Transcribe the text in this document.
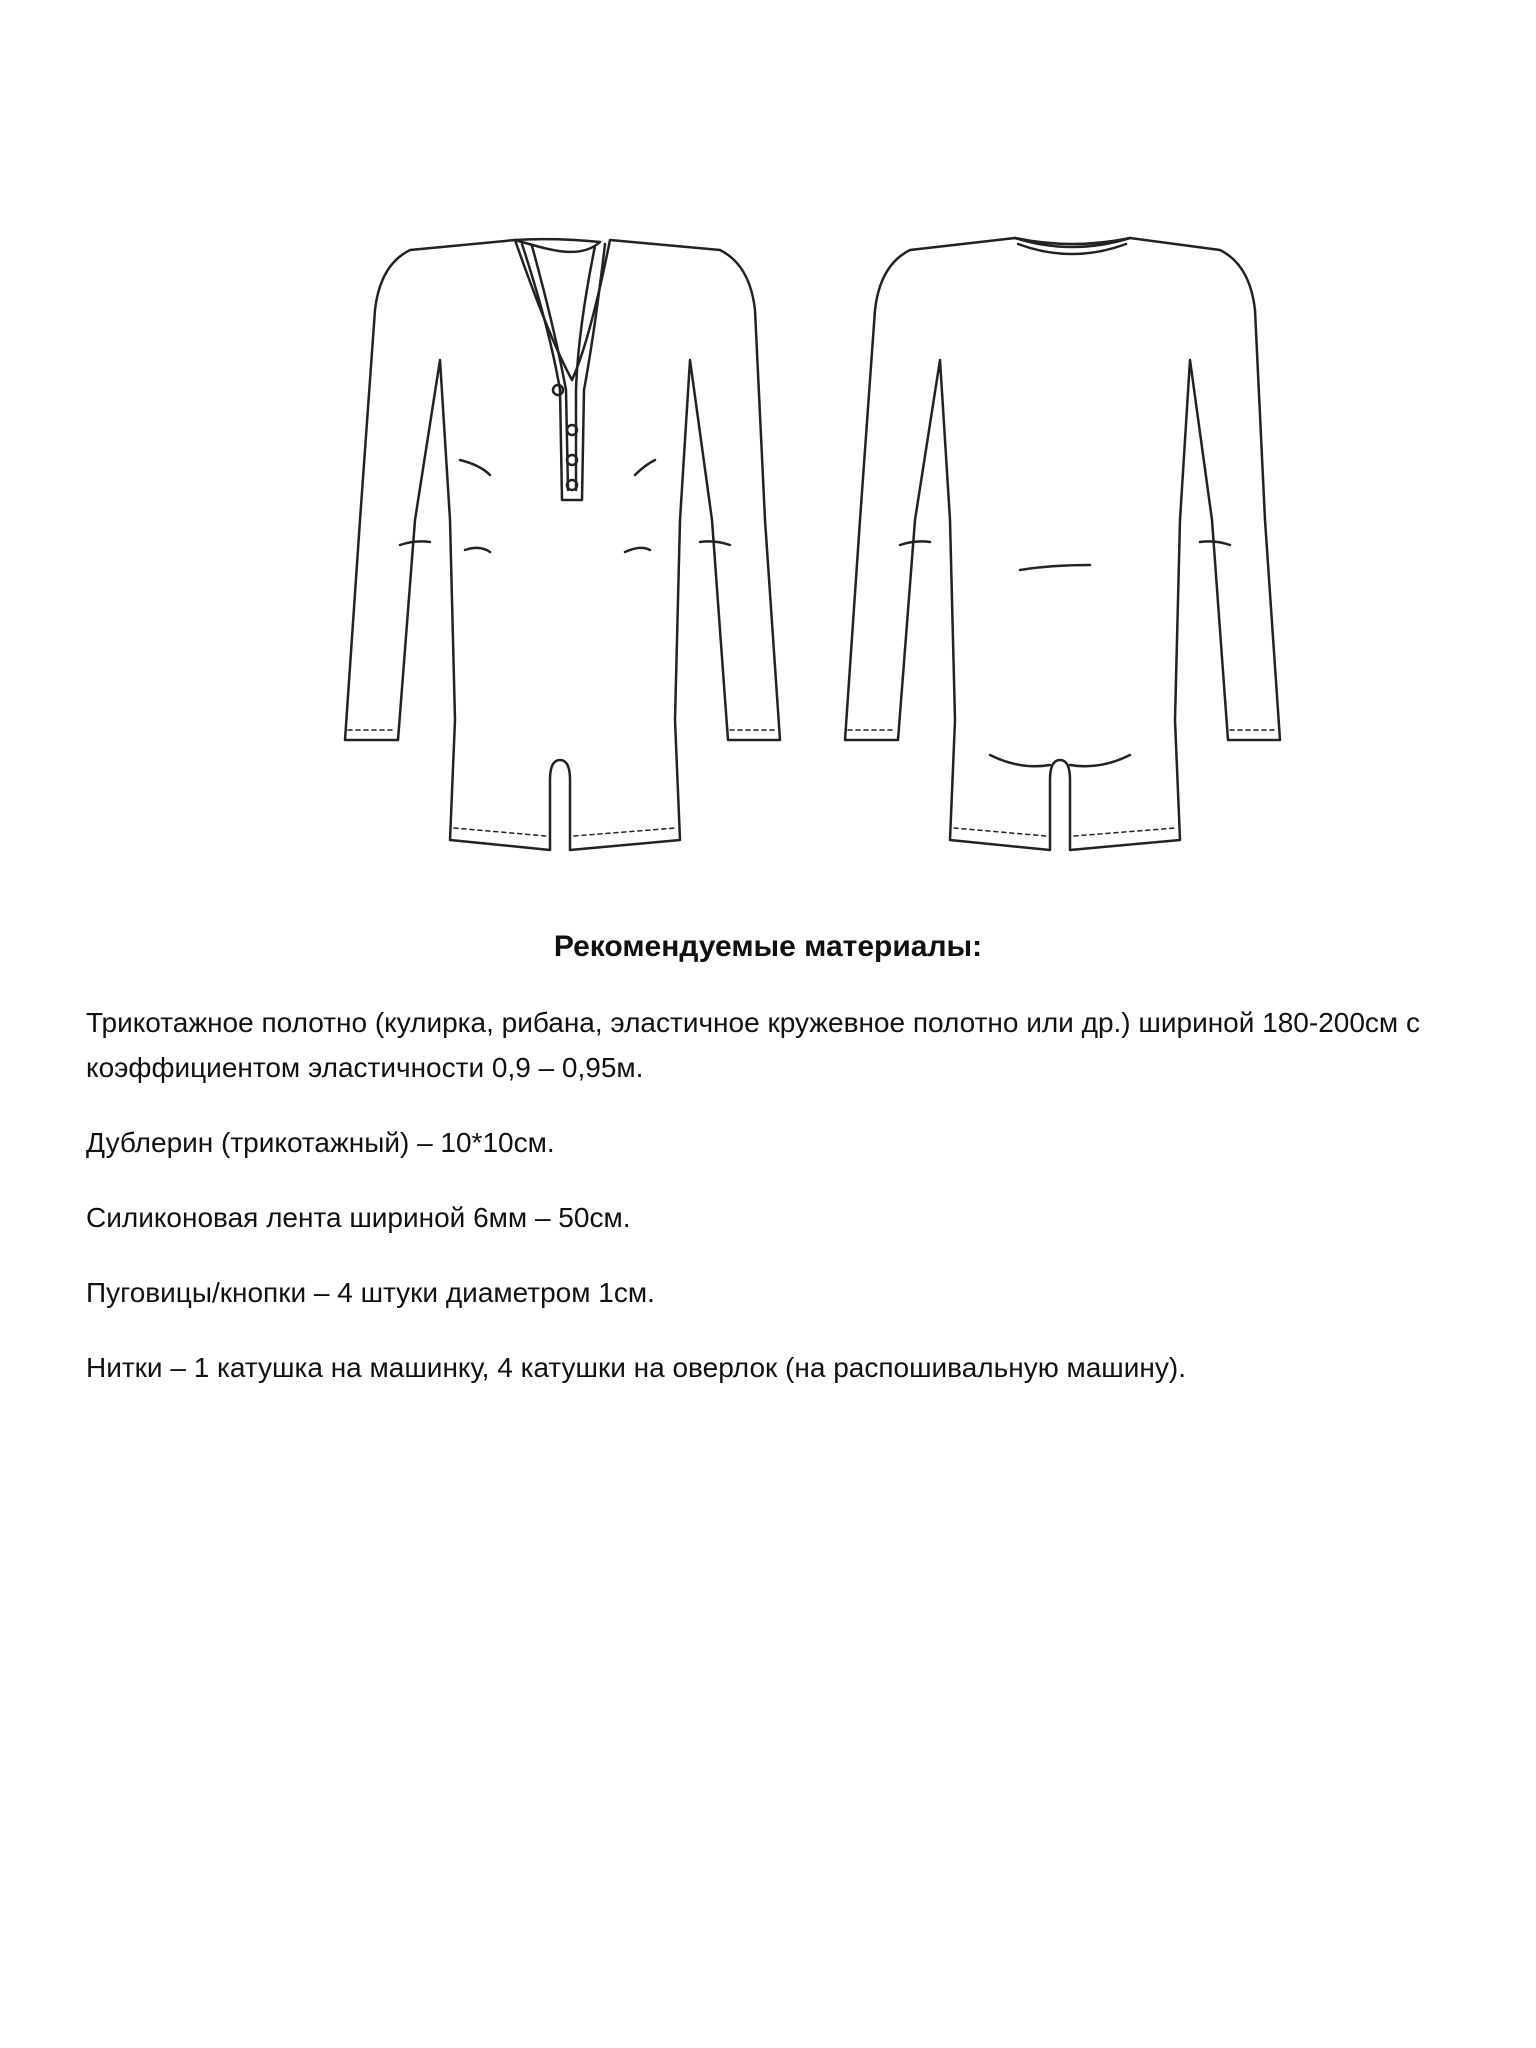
Рекомендуемые материалы:

Трикотажное полотно (кулирка, рибана, эластичное кружевное полотно или др.) шириной 180-200см с коэффициентом эластичности 0,9 – 0,95м.

Дублерин (трикотажный) – 10*10см.

Силиконовая лента шириной 6мм – 50см.

Пуговицы/кнопки – 4 штуки диаметром 1см.

Нитки – 1 катушка на машинку, 4 катушки на оверлок (на распошивальную машину).
